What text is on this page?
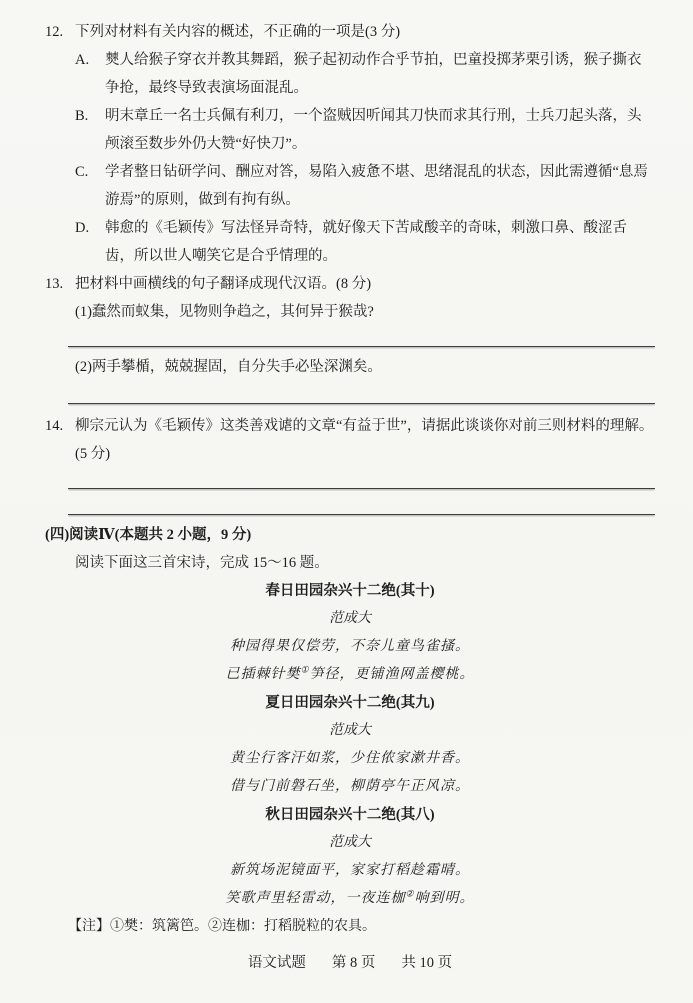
12. 下列对材料有关内容的概述，不正确的一项是(3 分)
A.	僰人给猴子穿衣并教其舞蹈，猴子起初动作合乎节拍，巴童投掷茅栗引诱，猴子撕衣争抢，最终导致表演场面混乱。
B.	明末章丘一名士兵佩有利刀，一个盗贼因听闻其刀快而求其行刑，士兵刀起头落，头颅滚至数步外仍大赞“好快刀”。
C.	学者整日钻研学问、酬应对答，易陷入疲惫不堪、思绪混乱的状态，因此需遵循“息焉游焉”的原则，做到有拘有纵。
D.	韩愈的《毛颖传》写法怪异奇特，就好像天下苦咸酸辛的奇味，刺激口鼻、酸涩舌齿，所以世人嘲笑它是合乎情理的。
13. 把材料中画横线的句子翻译成现代汉语。(8 分)
(1)蠢然而蚁集，见物则争趋之，其何异于猴哉?
(2)两手攀楯，兢兢握固，自分失手必坠深渊矣。
14. 柳宗元认为《毛颖传》这类善戏谑的文章“有益于世”，请据此谈谈你对前三则材料的理解。(5 分)
(四)阅读Ⅳ(本题共 2 小题，9 分)
阅读下面这三首宋诗，完成 15～16 题。
春日田园杂兴十二绝(其十)
范成大
种园得果仅偿劳，不奈儿童鸟雀搔。
已插棘针樊①笋径，更铺渔网盖樱桃。
夏日田园杂兴十二绝(其九)
范成大
黄尘行客汗如浆，少住侬家漱井香。
借与门前磐石坐，柳荫亭午正风凉。
秋日田园杂兴十二绝(其八)
范成大
新筑场泥镜面平，家家打稻趁霜晴。
笑歌声里轻雷动，一夜连枷②响到明。
【注】①樊：筑篱笆。②连枷：打稻脱粒的农具。
语文试题 第 8 页 共 10 页
